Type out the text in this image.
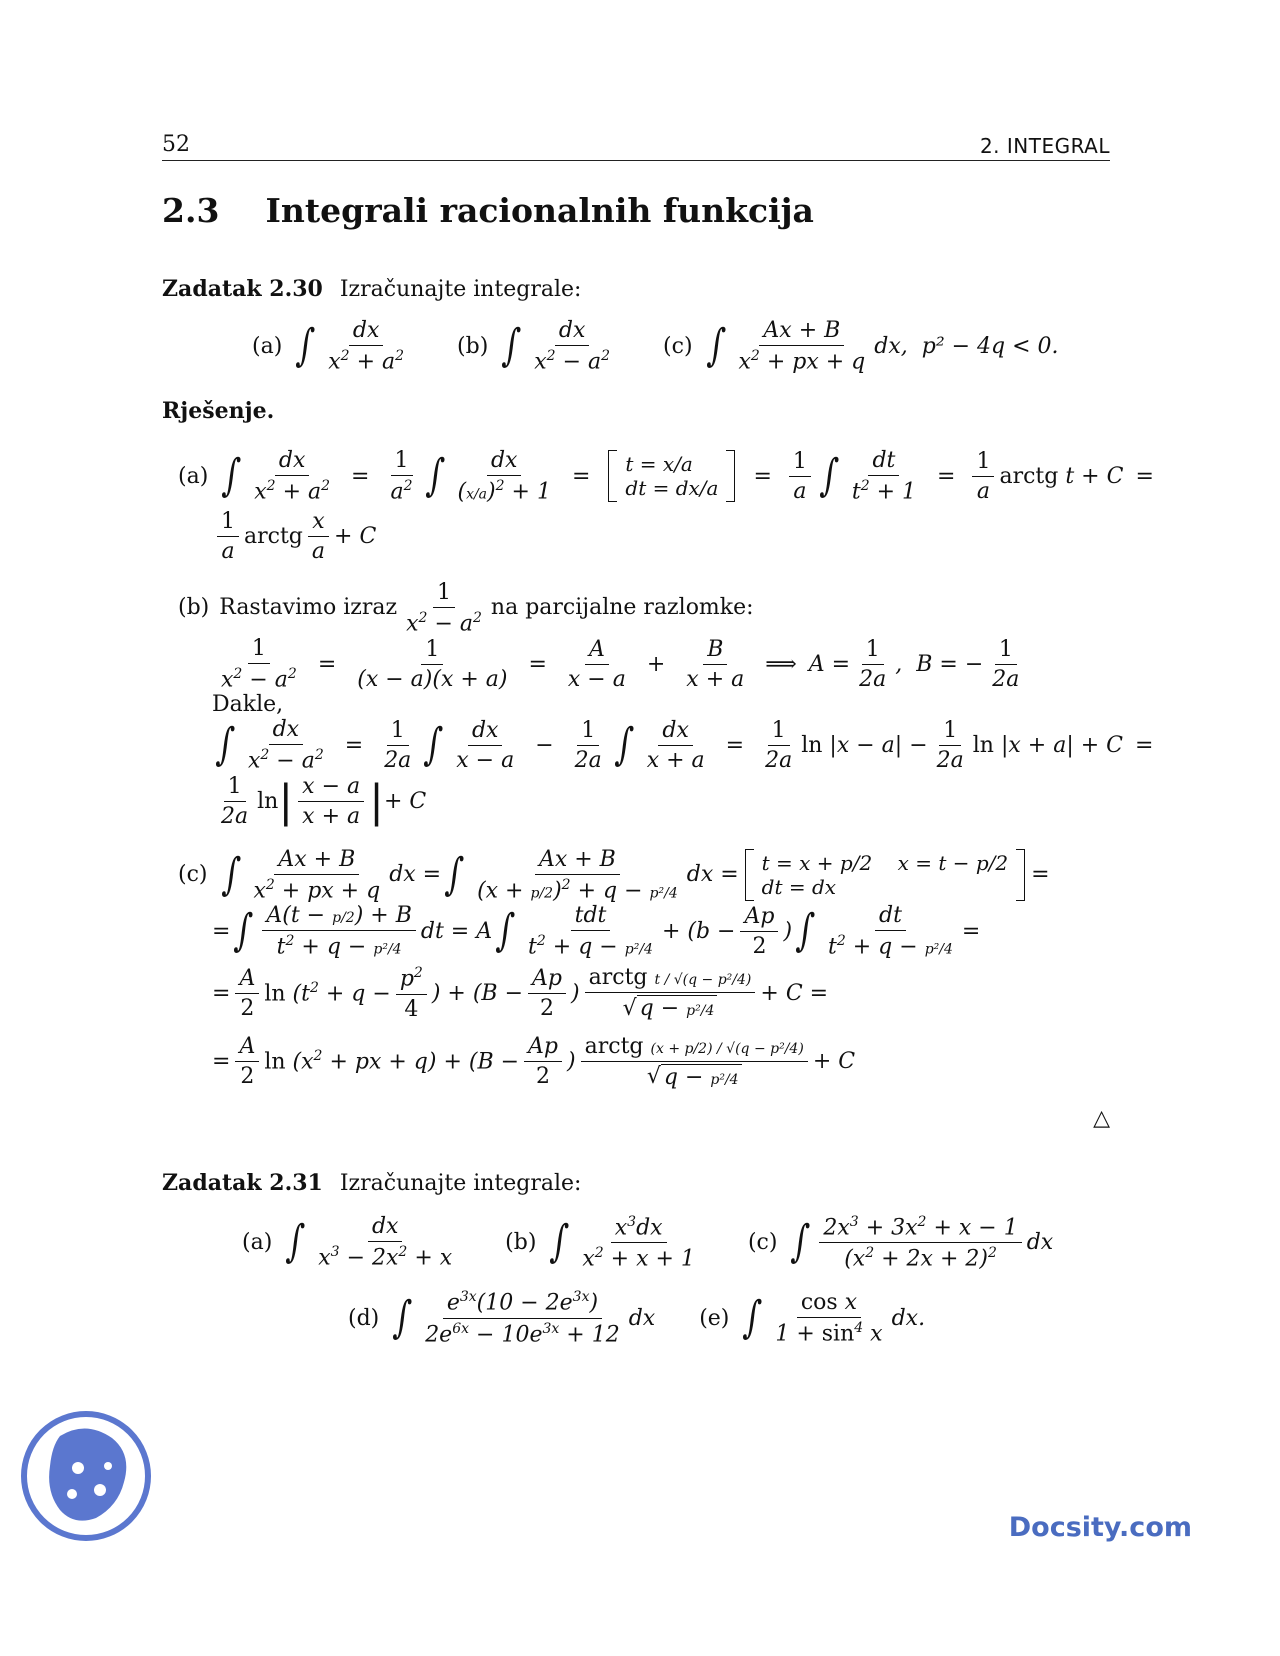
52	2. INTEGRAL
2.3 Integrali racionalnih funkcija
Zadatak 2.30 Izračunajte integrale:
(a) ∫ $\frac{dx}{x^2 + a^2} (b)$ ∫ $\frac{dx}{x^2 - a^2} (c)$ ∫ $\frac{Ax + B}{x^2 + px + q}$ dx, p² − 4q < 0.
Rješenje.
(a) ∫ $\frac{dx}{x^2 + a^2} = \frac{1}{a^2}$ ∫ $\frac{dx}{(x/a)^2 + 1} = t = x/a$
dt = $dx/a = \frac{1}{a}$ ∫ $\frac{dt}{t^2 + 1} = \frac{1}{a}$ arctg t + C =
$\frac{1}{a}$ arctg $\frac{x}{a} + C$
(b) Rastavimo izraz $\frac{1}{x^2 - a^2}$ na parcijalne razlomke:
$\frac{1}{x^2 - a^2} = \frac{1}{(x - a)(x + a)} = \frac{A}{x - a} + \frac{B}{x + a}$ ⟹ $A = \frac{1}{2a}$ ,  B = − $\frac{1}{2a}$
Dakle,
∫ $\frac{dx}{x^2 - a^2} = \frac{1}{2a}$ ∫ $\frac{dx}{x - a} - \frac{1}{2a}$ ∫ $\frac{dx}{x + a} = \frac{1}{2a}$ $\ln |x - a| - \frac{1}{2a}$ ln |x + a| + C =
$\frac{1}{2a}$ ln | $\frac{x - a}{x + a}$ | + C
(c) ∫ $\frac{Ax + B}{x^2 + px + q}$ dx = ∫ $\frac{Ax + B}{(x + p/2)^2 + q - p^2/4}$ dx = t = x + p/2    x = t − p/2
dt = dx	=
= ∫ $\frac{A(t - p/2) + B}{t^2 + q - p^2/4}$ dt = A ∫ $\frac{\text{tdt}}{t^2 + q - p^2/4} + (b - \frac{Ap}{2}$ ) ∫ $\frac{dt}{t^2 + q - p^2/4}$ =
= $\frac{A}{2}$ $\ln (t^2 + q - \frac{p^2}{4}$ ) + ($B - \frac{Ap}{2}$ ) $\frac{\text{arctg t / √(q − p²/4)}}{\text{√ q − p²/4}} + C$ =
= $\frac{A}{2}$ $\ln (x^2$ + px + $q) + (B - \frac{Ap}{2}$ ) $\frac{\text{arctg (x + p/2) / √(q − p²/4)}}{\text{√ q − p²/4}} + C$
△
Zadatak 2.31 Izračunajte integrale:
(a) ∫ $\frac{dx}{x^3 - 2x^2 + x} (b)$ ∫ $\frac{x^3dx}{x^2 + x + 1} (c)$ ∫ $\frac{2x^3 + 3x^2 + x - 1}{(x^2 + 2x + 2)^2}$ dx
(d) ∫ $\frac{e^{3x}(10 - 2e^{3x})}{2e^{6x} - 10e^{3x} + 12}$ dx (e) ∫ $\frac{\text{cos x}}{1 + \sin^4 x}$ dx.
Docsity.com
